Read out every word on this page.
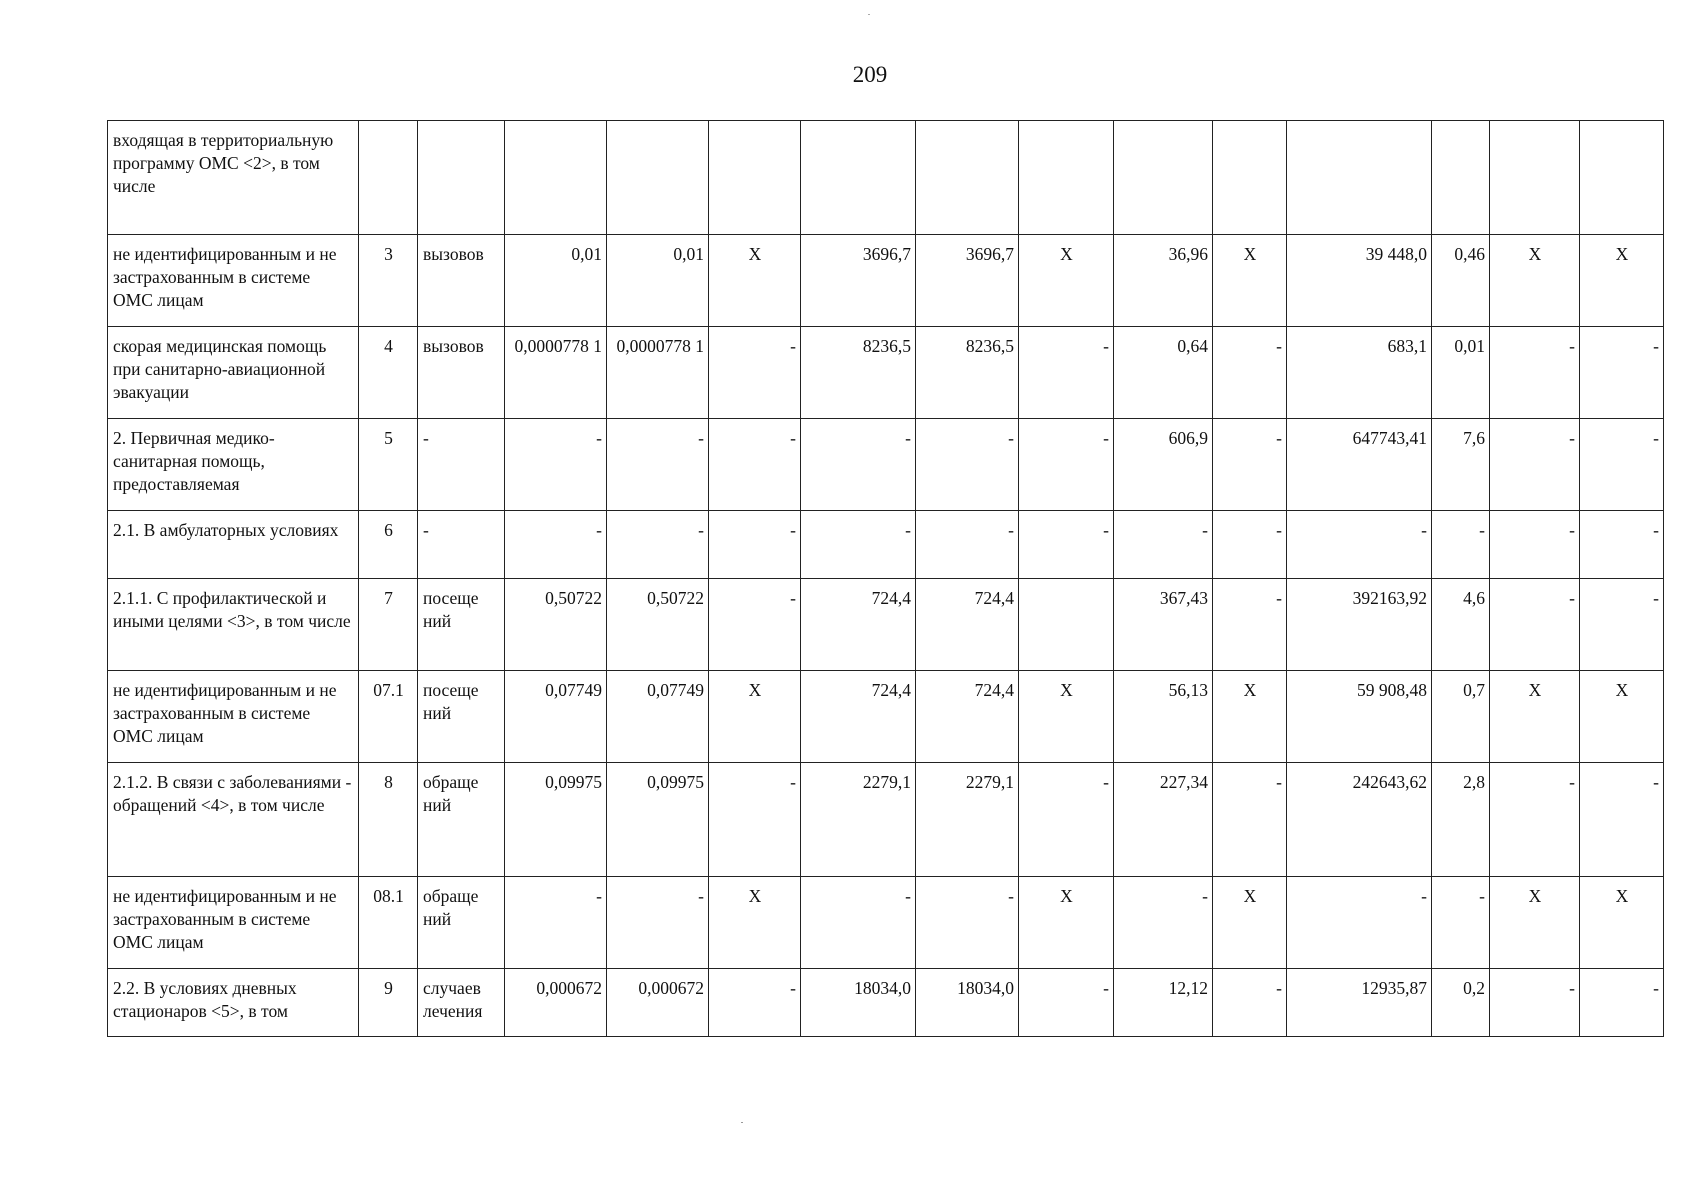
209
входящая в территориальную программу ОМС <2>, в том числе														
не идентифицированным и не застрахованным в системе ОМС лицам	3	вызовов	0,01	0,01	X	3696,7	3696,7	X	36,96	X	39 448,0	0,46	X	X
скорая медицинская помощь при санитарно-авиационной эвакуации	4	вызовов	0,0000778 1	0,0000778 1	-	8236,5	8236,5	-	0,64	-	683,1	0,01	-	-
2. Первичная медико-санитарная помощь, предоставляемая	5	-	-	-	-	-	-	-	606,9	-	647743,41	7,6	-	-
2.1. В амбулаторных условиях	6	-	-	-	-	-	-	-	-	-	-	-	-	-
2.1.1. С профилактической и иными целями <3>, в том числе	7	посеще ний	0,50722	0,50722	-	724,4	724,4		367,43	-	392163,92	4,6	-	-
не идентифицированным и не застрахованным в системе ОМС лицам	07.1	посеще ний	0,07749	0,07749	X	724,4	724,4	X	56,13	X	59 908,48	0,7	X	X
2.1.2. В связи с заболеваниями - обращений <4>, в том числе	8	обраще ний	0,09975	0,09975	-	2279,1	2279,1	-	227,34	-	242643,62	2,8	-	-
не идентифицированным и не застрахованным в системе ОМС лицам	08.1	обраще ний	-	-	X	-	-	X	-	X	-	-	X	X
2.2. В условиях дневных стационаров <5>, в том	9	случаев лечения	0,000672	0,000672	-	18034,0	18034,0	-	12,12	-	12935,87	0,2	-	-
